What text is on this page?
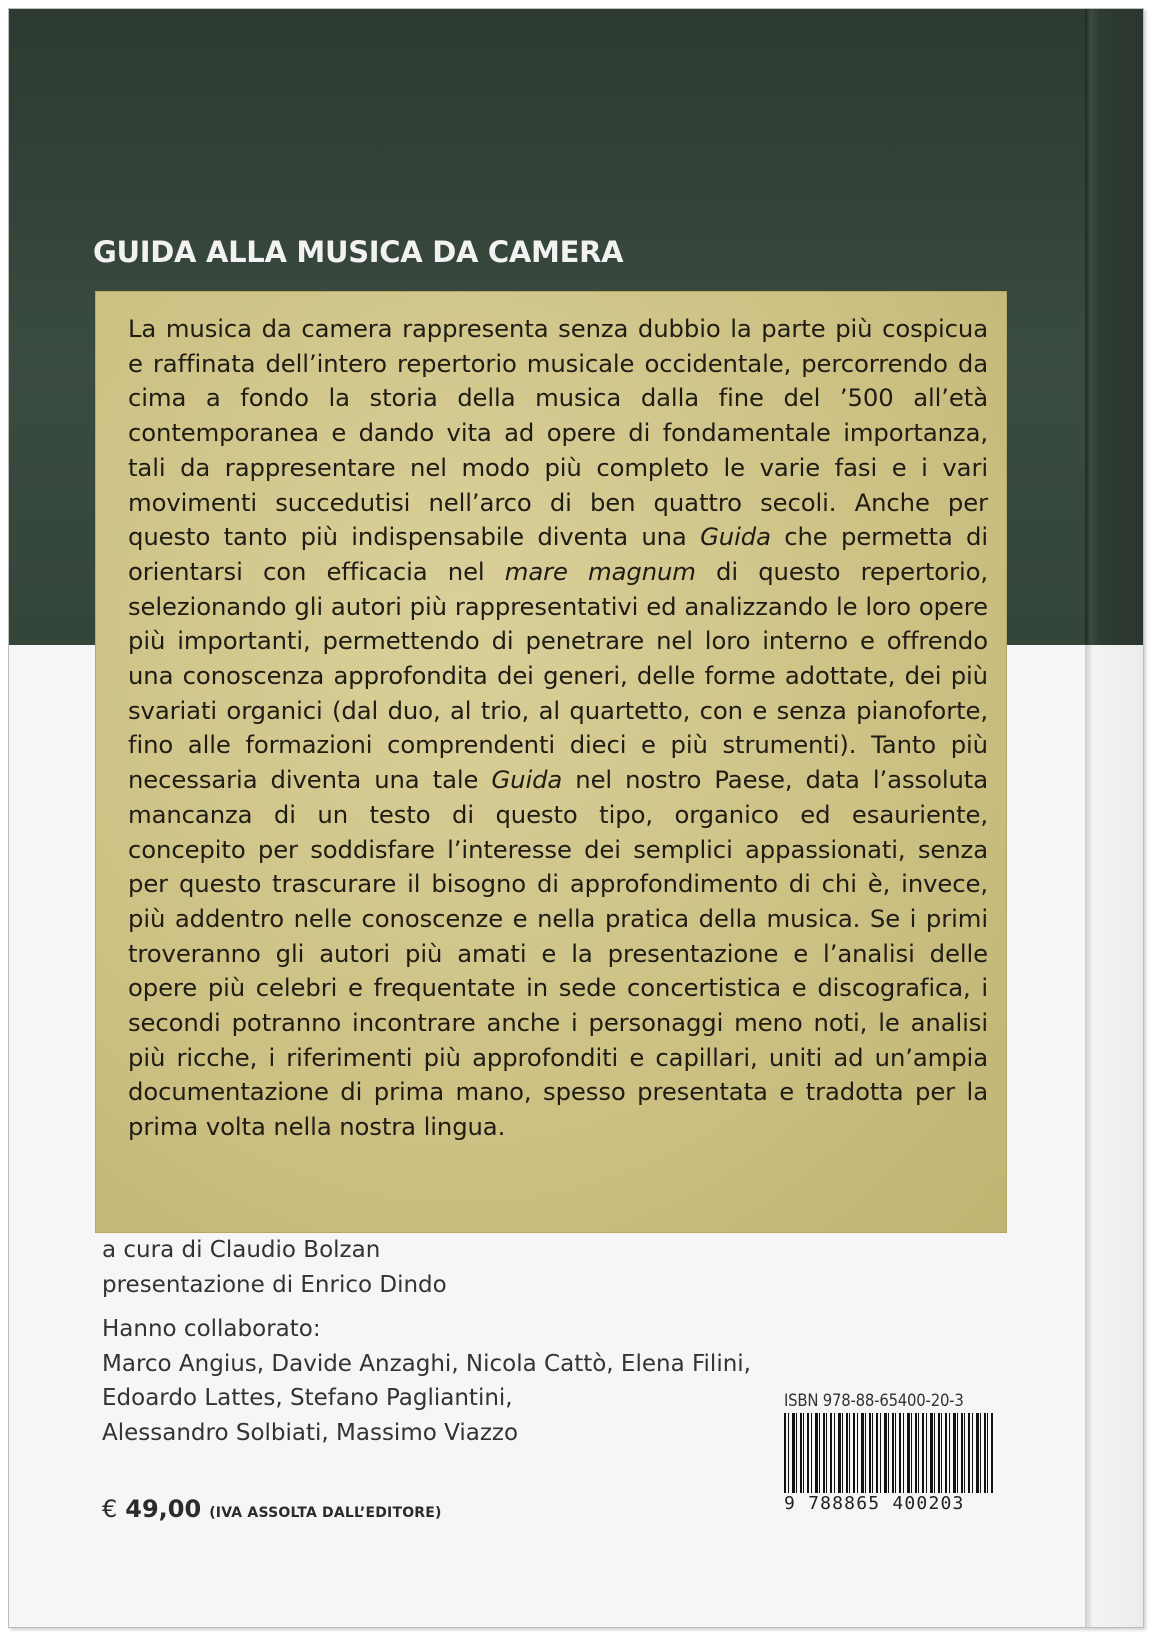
GUIDA ALLA MUSICA DA CAMERA

La musica da camera rappresenta senza dubbio la parte più cospicua e raffinata dell’intero repertorio musicale occidentale, percorrendo da cima a fondo la storia della musica dalla fine del ’500 all’età contemporanea e dando vita ad opere di fondamentale importanza, tali da rappresentare nel modo più completo le varie fasi e i vari movimenti succedutisi nell’arco di ben quattro secoli. Anche per questo tanto più indispensabile diventa una Guida che permetta di orientarsi con efficacia nel mare magnum di questo repertorio, selezionando gli autori più rappresentativi ed analizzando le loro opere più importanti, permettendo di penetrare nel loro interno e offrendo una conoscenza approfondita dei generi, delle forme adottate, dei più svariati organici (dal duo, al trio, al quartetto, con e senza pianoforte, fino alle formazioni comprendenti dieci e più strumenti). Tanto più necessaria diventa una tale Guida nel nostro Paese, data l’assoluta mancanza di un testo di questo tipo, organico ed esauriente, concepito per soddisfare l’interesse dei semplici appassionati, senza per questo trascurare il bisogno di approfondimento di chi è, invece, più addentro nelle conoscenze e nella pratica della musica. Se i primi troveranno gli autori più amati e la presentazione e l’analisi delle opere più celebri e frequentate in sede concertistica e discografica, i secondi potranno incontrare anche i personaggi meno noti, le analisi più ricche, i riferimenti più approfonditi e capillari, uniti ad un’ampia documentazione di prima mano, spesso presentata e tradotta per la prima volta nella nostra lingua.

a cura di Claudio Bolzan
presentazione di Enrico Dindo
Hanno collaborato:
Marco Angius, Davide Anzaghi, Nicola Cattò, Elena Filini,
Edoardo Lattes, Stefano Pagliantini,
Alessandro Solbiati, Massimo Viazzo
ISBN 978-88-65400-20-3
9 788865 400203
€ 49,00 (IVA ASSOLTA DALL’EDITORE)
